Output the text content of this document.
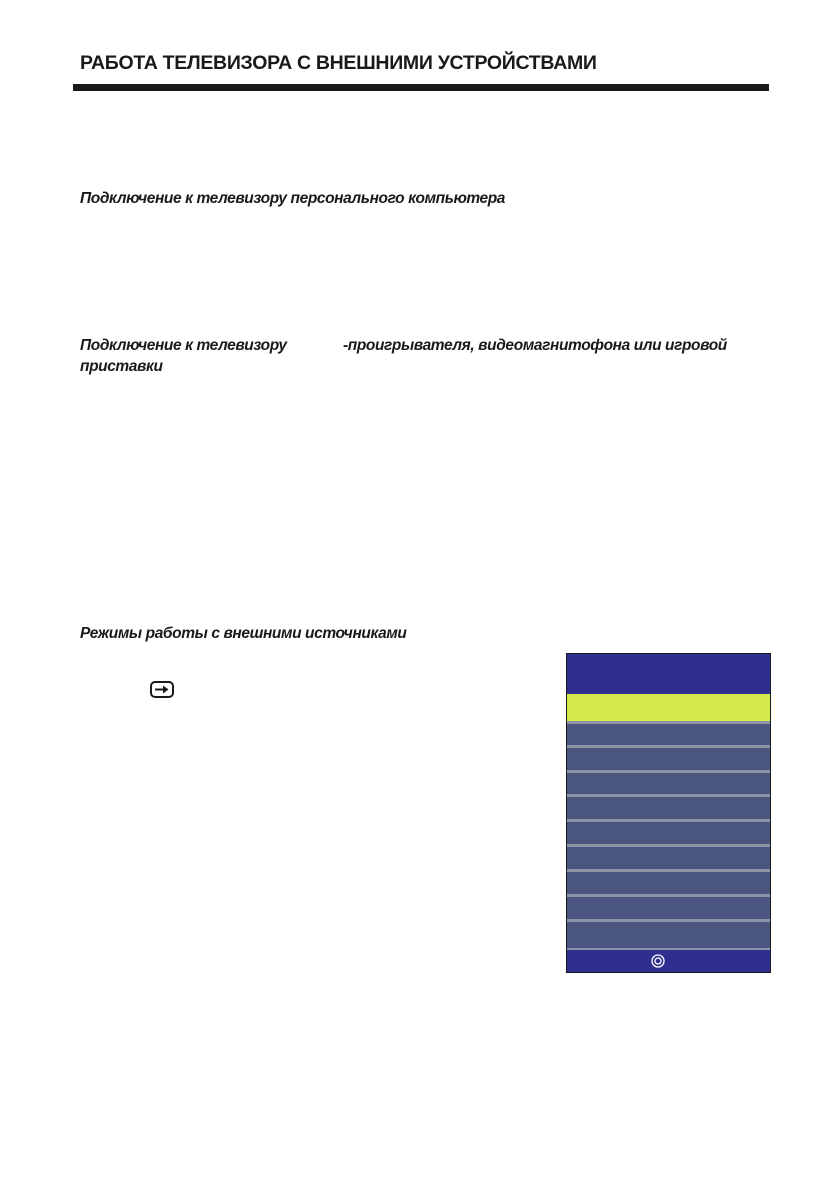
РАБОТА ТЕЛЕВИЗОРА С ВНЕШНИМИ УСТРОЙСТВАМИ
Подключение к телевизору персонального компьютера
Подключение к телевизору	-проигрывателя, видеомагнитофона или игровой
приставки
Режимы работы с внешними источниками
